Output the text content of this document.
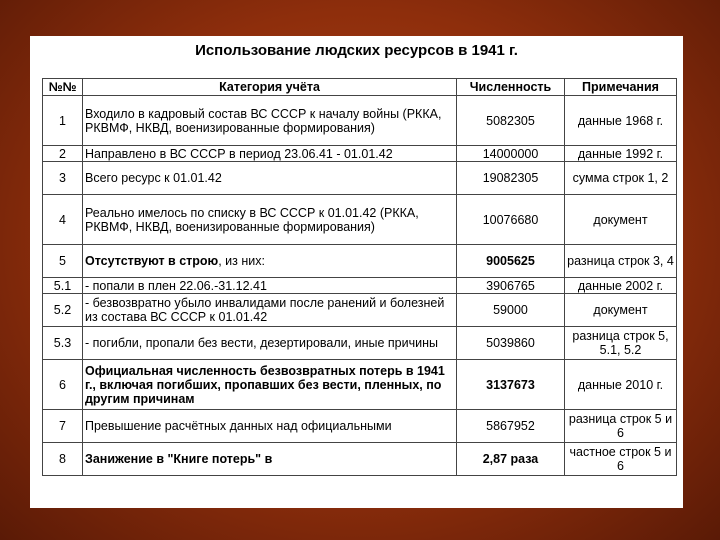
Использование людских ресурсов в 1941 г.
№№	Категория учёта	Численность	Примечания
1	Входило в кадровый состав ВС СССР к началу войны (РККА, РКВМФ, НКВД, военизированные формирования)	5082305	данные 1968 г.
2	Направлено в ВС СССР в период 23.06.41 - 01.01.42	14000000	данные 1992 г.
3	Всего ресурс к 01.01.42	19082305	сумма строк 1, 2
4	Реально имелось по списку в ВС СССР к 01.01.42 (РККА, РКВМФ, НКВД, военизированные формирования)	10076680	документ
5	Отсутствуют в строю, из них:	9005625	разница строк 3, 4
5.1	- попали в плен 22.06.-31.12.41	3906765	данные 2002 г.
5.2	- безвозвратно убыло инвалидами после ранений и болезней из состава ВС СССР к 01.01.42	59000	документ
5.3	- погибли, пропали без вести, дезертировали, иные причины	5039860	разница строк 5, 5.1, 5.2
6	Официальная численность безвозвратных потерь в 1941 г., включая погибших, пропавших без вести, пленных, по другим причинам	3137673	данные 2010 г.
7	Превышение расчётных данных над официальными	5867952	разница строк 5 и 6
8	Занижение в "Книге потерь" в	2,87 раза	частное строк 5 и 6
